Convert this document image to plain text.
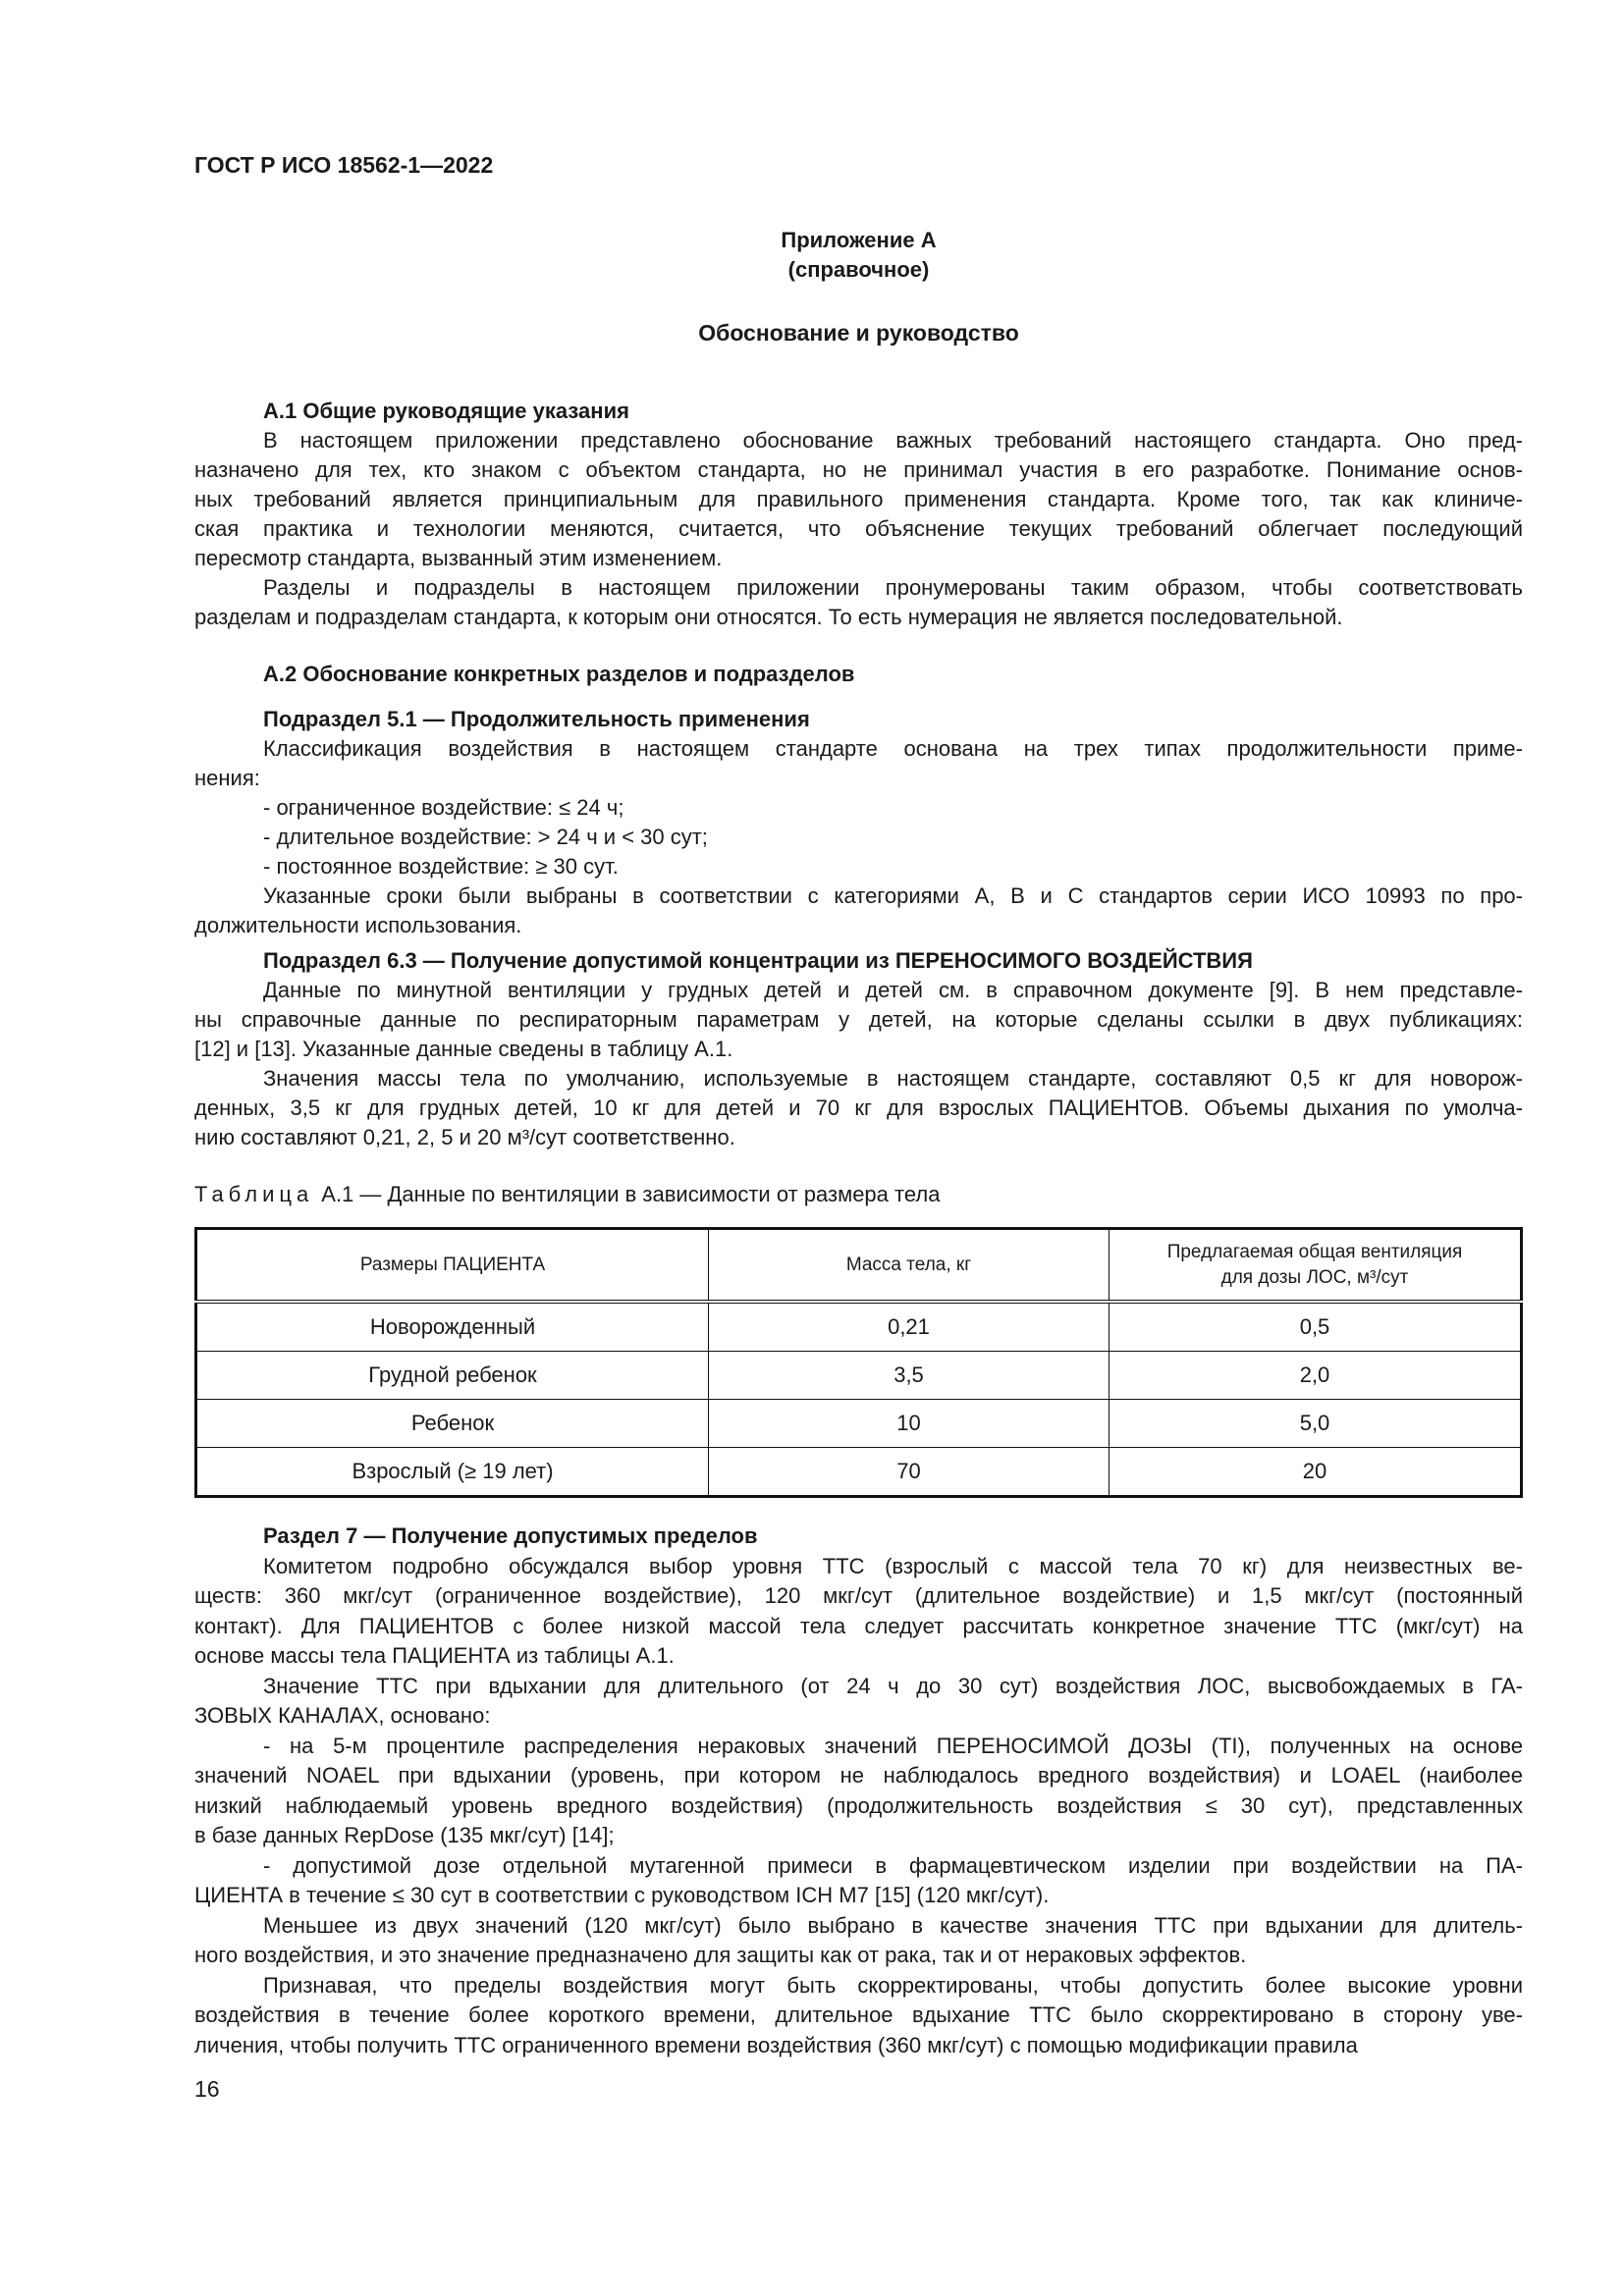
ГОСТ Р ИСО 18562-1—2022
Приложение А
(справочное)
Обоснование и руководство
А.1 Общие руководящие указания
В настоящем приложении представлено обоснование важных требований настоящего стандарта. Оно пред-
назначено для тех, кто знаком с объектом стандарта, но не принимал участия в его разработке. Понимание основ-
ных требований является принципиальным для правильного применения стандарта. Кроме того, так как клиниче-
ская практика и технологии меняются, считается, что объяснение текущих требований облегчает последующий
пересмотр стандарта, вызванный этим изменением.
Разделы и подразделы в настоящем приложении пронумерованы таким образом, чтобы соответствовать
разделам и подразделам стандарта, к которым они относятся. То есть нумерация не является последовательной.
А.2 Обоснование конкретных разделов и подразделов
Подраздел 5.1 — Продолжительность применения
Классификация воздействия в настоящем стандарте основана на трех типах продолжительности приме-
нения:
- ограниченное воздействие: ≤ 24 ч;
- длительное воздействие: > 24 ч и < 30 сут;
- постоянное воздействие: ≥ 30 сут.
Указанные сроки были выбраны в соответствии с категориями А, В и С стандартов серии ИСО 10993 по про-
должительности использования.
Подраздел 6.3 — Получение допустимой концентрации из ПЕРЕНОСИМОГО ВОЗДЕЙСТВИЯ
Данные по минутной вентиляции у грудных детей и детей см. в справочном документе [9]. В нем представле-
ны справочные данные по респираторным параметрам у детей, на которые сделаны ссылки в двух публикациях:
[12] и [13]. Указанные данные сведены в таблицу А.1.
Значения массы тела по умолчанию, используемые в настоящем стандарте, составляют 0,5 кг для новорож-
денных, 3,5 кг для грудных детей, 10 кг для детей и 70 кг для взрослых ПАЦИЕНТОВ. Объемы дыхания по умолча-
нию составляют 0,21, 2, 5 и 20 м³/сут соответственно.
Таблица А.1 — Данные по вентиляции в зависимости от размера тела
Размеры ПАЦИЕНТА	Масса тела, кг	Предлагаемая общая вентиляция
для дозы ЛОС, м³/сут
Новорожденный	0,21	0,5
Грудной ребенок	3,5	2,0
Ребенок	10	5,0
Взрослый (≥ 19 лет)	70	20
Раздел 7 — Получение допустимых пределов
Комитетом подробно обсуждался выбор уровня ТТС (взрослый с массой тела 70 кг) для неизвестных ве-
ществ: 360 мкг/сут (ограниченное воздействие), 120 мкг/сут (длительное воздействие) и 1,5 мкг/сут (постоянный
контакт). Для ПАЦИЕНТОВ с более низкой массой тела следует рассчитать конкретное значение ТТС (мкг/сут) на
основе массы тела ПАЦИЕНТА из таблицы А.1.
Значение ТТС при вдыхании для длительного (от 24 ч до 30 сут) воздействия ЛОС, высвобождаемых в ГА-
ЗОВЫХ КАНАЛАХ, основано:
- на 5-м процентиле распределения нераковых значений ПЕРЕНОСИМОЙ ДОЗЫ (TI), полученных на основе
значений NOAEL при вдыхании (уровень, при котором не наблюдалось вредного воздействия) и LOAEL (наиболее
низкий наблюдаемый уровень вредного воздействия) (продолжительность воздействия ≤ 30 сут), представленных
в базе данных RepDose (135 мкг/сут) [14];
- допустимой дозе отдельной мутагенной примеси в фармацевтическом изделии при воздействии на ПА-
ЦИЕНТА в течение ≤ 30 сут в соответствии с руководством ICH M7 [15] (120 мкг/сут).
Меньшее из двух значений (120 мкг/сут) было выбрано в качестве значения ТТС при вдыхании для длитель-
ного воздействия, и это значение предназначено для защиты как от рака, так и от нераковых эффектов.
Признавая, что пределы воздействия могут быть скорректированы, чтобы допустить более высокие уровни
воздействия в течение более короткого времени, длительное вдыхание ТТС было скорректировано в сторону уве-
личения, чтобы получить ТТС ограниченного времени воздействия (360 мкг/сут) с помощью модификации правила
16
